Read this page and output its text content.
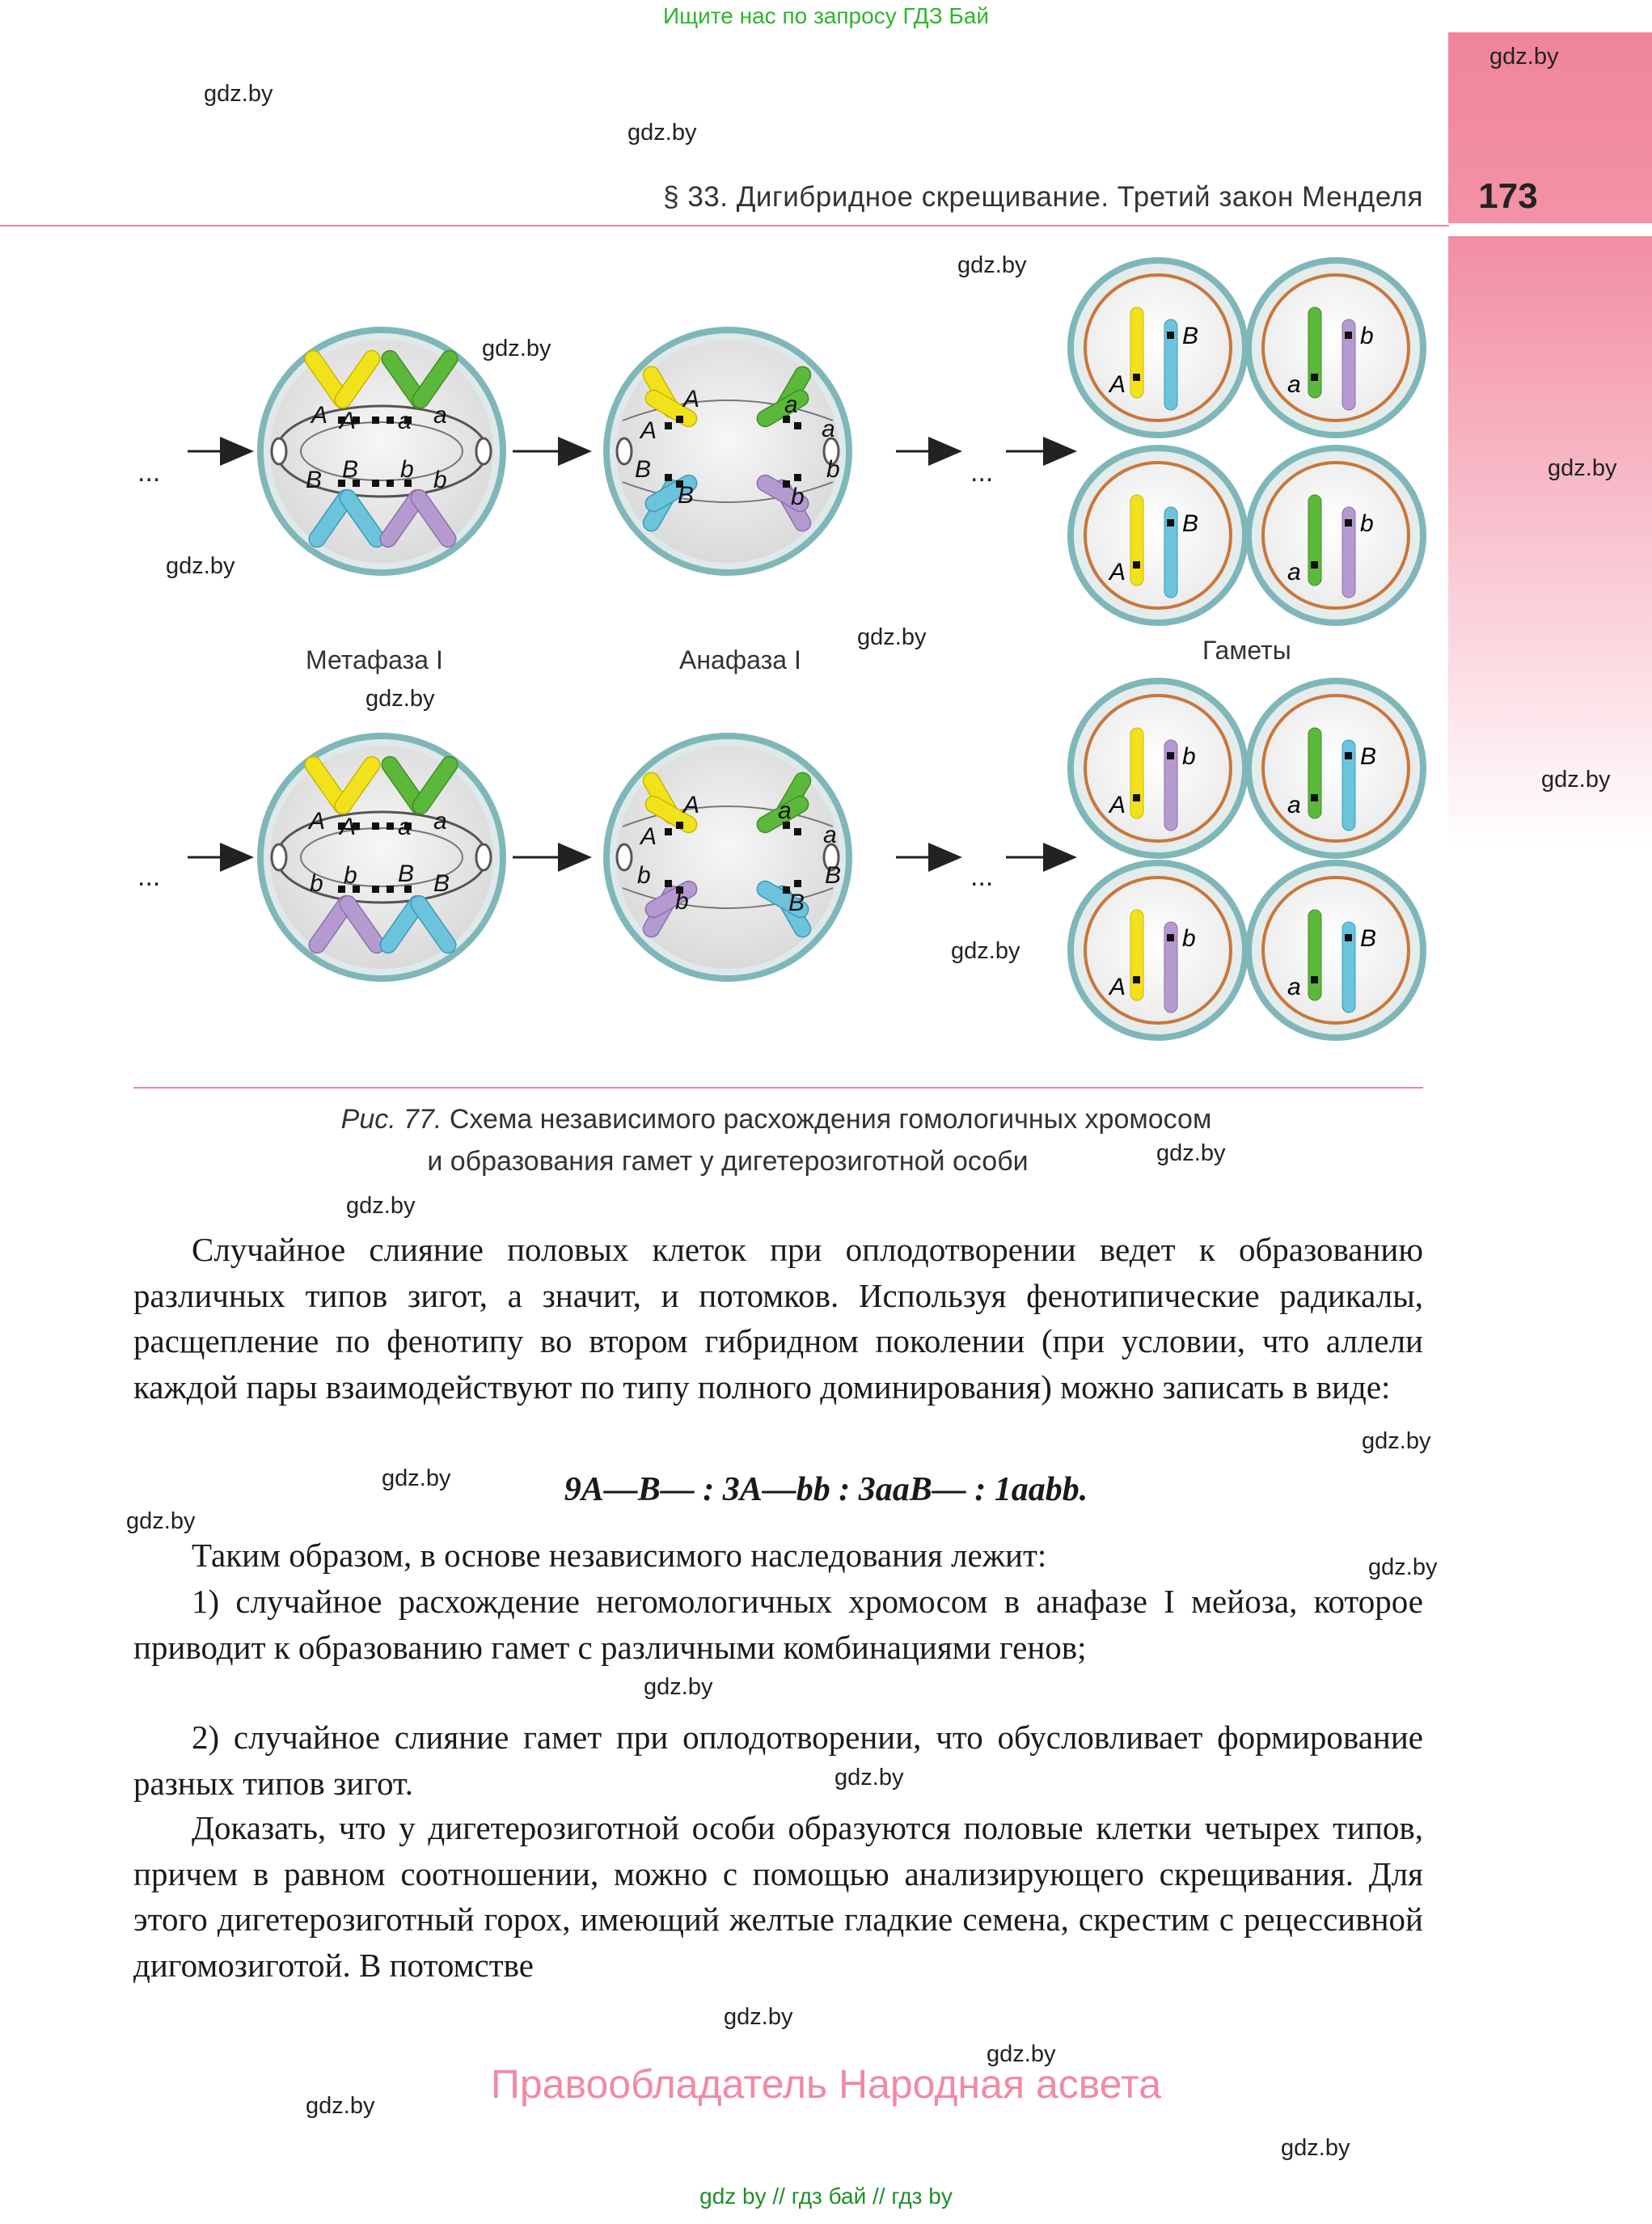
Ищите нас по запросу ГДЗ Бай
§ 33. Дигибридное скрещивание. Третий закон Менделя	173
gdz.by
gdz.by
gdz.by
gdz.by
gdz.by
gdz.by
gdz.by
gdz.by
gdz.by
gdz.by
gdz.by
gdz.by
gdz.by
gdz.by
gdz.by
gdz.by
gdz.by
gdz.by
gdz.by
gdz.by
gdz.by
gdz.by
gdz.by
...
A A a a
B
B	b b
A
A
B
B
a
a
b
b
...
A
B
a
b
A
B
a
b
Метафаза I	Анафаза I	Гаметы
...
A A a a
b b B B
A
A
b
b
a
a
B
B
...
A
b
a
B
A
b
a
B
Рис. 77. Схема независимого расхождения гомологичных хромосом
и образования гамет у дигетерозиготной особи
Случайное слияние половых клеток при оплодотворении ведет к образованию различных типов зигот, а значит, и потомков. Используя фенотипические радикалы, расщепление по фенотипу во втором гибридном поколении (при условии, что аллели каждой пары взаимодействуют по типу полного доминирования) можно записать в виде:
9A—B— : 3A—bb : 3aaB— : 1aabb.
Таким образом, в основе независимого наследования лежит:
1) случайное расхождение негомологичных хромосом в анафазе I мейоза, которое приводит к образованию гамет с различными комбинациями генов;
2) случайное слияние гамет при оплодотворении, что обусловливает формирование разных типов зигот.
Доказать, что у дигетерозиготной особи образуются половые клетки четырех типов, причем в равном соотношении, можно с помощью анализирующего скрещивания. Для этого дигетерозиготный горох, имеющий желтые гладкие семена, скрестим с рецессивной дигомозиготой. В потомстве
Правообладатель Народная асвета
gdz by // гдз бай // гдз by
